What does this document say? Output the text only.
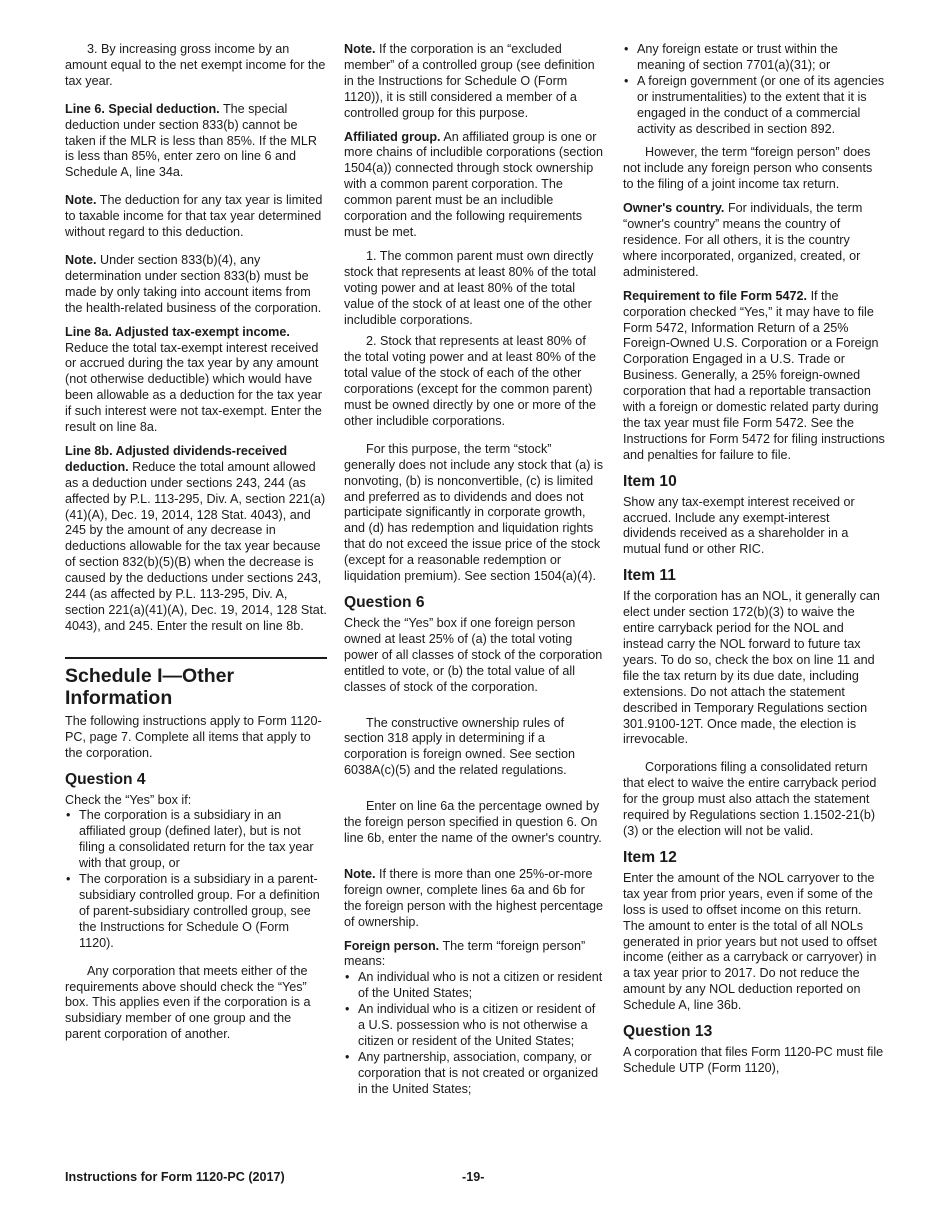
3. By increasing gross income by an amount equal to the net exempt income for the tax year.

Line 6. Special deduction. The special deduction under section 833(b) cannot be taken if the MLR is less than 85%. If the MLR is less than 85%, enter zero on line 6 and Schedule A, line 34a.

Note. The deduction for any tax year is limited to taxable income for that tax year determined without regard to this deduction.

Note. Under section 833(b)(4), any determination under section 833(b) must be made by only taking into account items from the health-related business of the corporation.

Line 8a. Adjusted tax-exempt income. Reduce the total tax-exempt interest received or accrued during the tax year by any amount (not otherwise deductible) which would have been allowable as a deduction for the tax year if such interest were not tax-exempt. Enter the result on line 8a.

Line 8b. Adjusted dividends-received deduction. Reduce the total amount allowed as a deduction under sections 243, 244 (as affected by P.L. 113-295, Div. A, section 221(a)(41)(A), Dec. 19, 2014, 128 Stat. 4043), and 245 by the amount of any decrease in deductions allowable for the tax year because of section 832(b)(5)(B) when the decrease is caused by the deductions under sections 243, 244 (as affected by P.L. 113-295, Div. A, section 221(a)(41)(A), Dec. 19, 2014, 128 Stat. 4043), and 245. Enter the result on line 8b.

Schedule I—Other Information

The following instructions apply to Form 1120-PC, page 7. Complete all items that apply to the corporation.

Question 4

Check the “Yes” box if:

• The corporation is a subsidiary in an affiliated group (defined later), but is not filing a consolidated return for the tax year with that group, or
• The corporation is a subsidiary in a parent-subsidiary controlled group. For a definition of parent-subsidiary controlled group, see the Instructions for Schedule O (Form 1120).

Any corporation that meets either of the requirements above should check the “Yes” box. This applies even if the corporation is a subsidiary member of one group and the parent corporation of another.

Note. If the corporation is an “excluded member” of a controlled group (see definition in the Instructions for Schedule O (Form 1120)), it is still considered a member of a controlled group for this purpose.

Affiliated group. An affiliated group is one or more chains of includible corporations (section 1504(a)) connected through stock ownership with a common parent corporation. The common parent must be an includible corporation and the following requirements must be met.

1. The common parent must own directly stock that represents at least 80% of the total voting power and at least 80% of the total value of the stock of at least one of the other includible corporations.

2. Stock that represents at least 80% of the total voting power and at least 80% of the total value of the stock of each of the other corporations (except for the common parent) must be owned directly by one or more of the other includible corporations.

For this purpose, the term “stock” generally does not include any stock that (a) is nonvoting, (b) is nonconvertible, (c) is limited and preferred as to dividends and does not participate significantly in corporate growth, and (d) has redemption and liquidation rights that do not exceed the issue price of the stock (except for a reasonable redemption or liquidation premium). See section 1504(a)(4).

Question 6

Check the “Yes” box if one foreign person owned at least 25% of (a) the total voting power of all classes of stock of the corporation entitled to vote, or (b) the total value of all classes of stock of the corporation.

The constructive ownership rules of section 318 apply in determining if a corporation is foreign owned. See section 6038A(c)(5) and the related regulations.

Enter on line 6a the percentage owned by the foreign person specified in question 6. On line 6b, enter the name of the owner's country.

Note. If there is more than one 25%-or-more foreign owner, complete lines 6a and 6b for the foreign person with the highest percentage of ownership.

Foreign person. The term “foreign person” means:

• An individual who is not a citizen or resident of the United States;
• An individual who is a citizen or resident of a U.S. possession who is not otherwise a citizen or resident of the United States;
• Any partnership, association, company, or corporation that is not created or organized in the United States;
• Any foreign estate or trust within the meaning of section 7701(a)(31); or
• A foreign government (or one of its agencies or instrumentalities) to the extent that it is engaged in the conduct of a commercial activity as described in section 892.

However, the term “foreign person” does not include any foreign person who consents to the filing of a joint income tax return.

Owner's country. For individuals, the term “owner's country” means the country of residence. For all others, it is the country where incorporated, organized, created, or administered.

Requirement to file Form 5472. If the corporation checked “Yes,” it may have to file Form 5472, Information Return of a 25% Foreign-Owned U.S. Corporation or a Foreign Corporation Engaged in a U.S. Trade or Business. Generally, a 25% foreign-owned corporation that had a reportable transaction with a foreign or domestic related party during the tax year must file Form 5472. See the Instructions for Form 5472 for filing instructions and penalties for failure to file.

Item 10

Show any tax-exempt interest received or accrued. Include any exempt-interest dividends received as a shareholder in a mutual fund or other RIC.

Item 11

If the corporation has an NOL, it generally can elect under section 172(b)(3) to waive the entire carryback period for the NOL and instead carry the NOL forward to future tax years. To do so, check the box on line 11 and file the tax return by its due date, including extensions. Do not attach the statement described in Temporary Regulations section 301.9100-12T. Once made, the election is irrevocable.

Corporations filing a consolidated return that elect to waive the entire carryback period for the group must also attach the statement required by Regulations section 1.1502-21(b)(3) or the election will not be valid.

Item 12

Enter the amount of the NOL carryover to the tax year from prior years, even if some of the loss is used to offset income on this return. The amount to enter is the total of all NOLs generated in prior years but not used to offset income (either as a carryback or carryover) in a tax year prior to 2017. Do not reduce the amount by any NOL deduction reported on Schedule A, line 36b.

Question 13

A corporation that files Form 1120-PC must file Schedule UTP (Form 1120),

Instructions for Form 1120-PC (2017)	-19-
